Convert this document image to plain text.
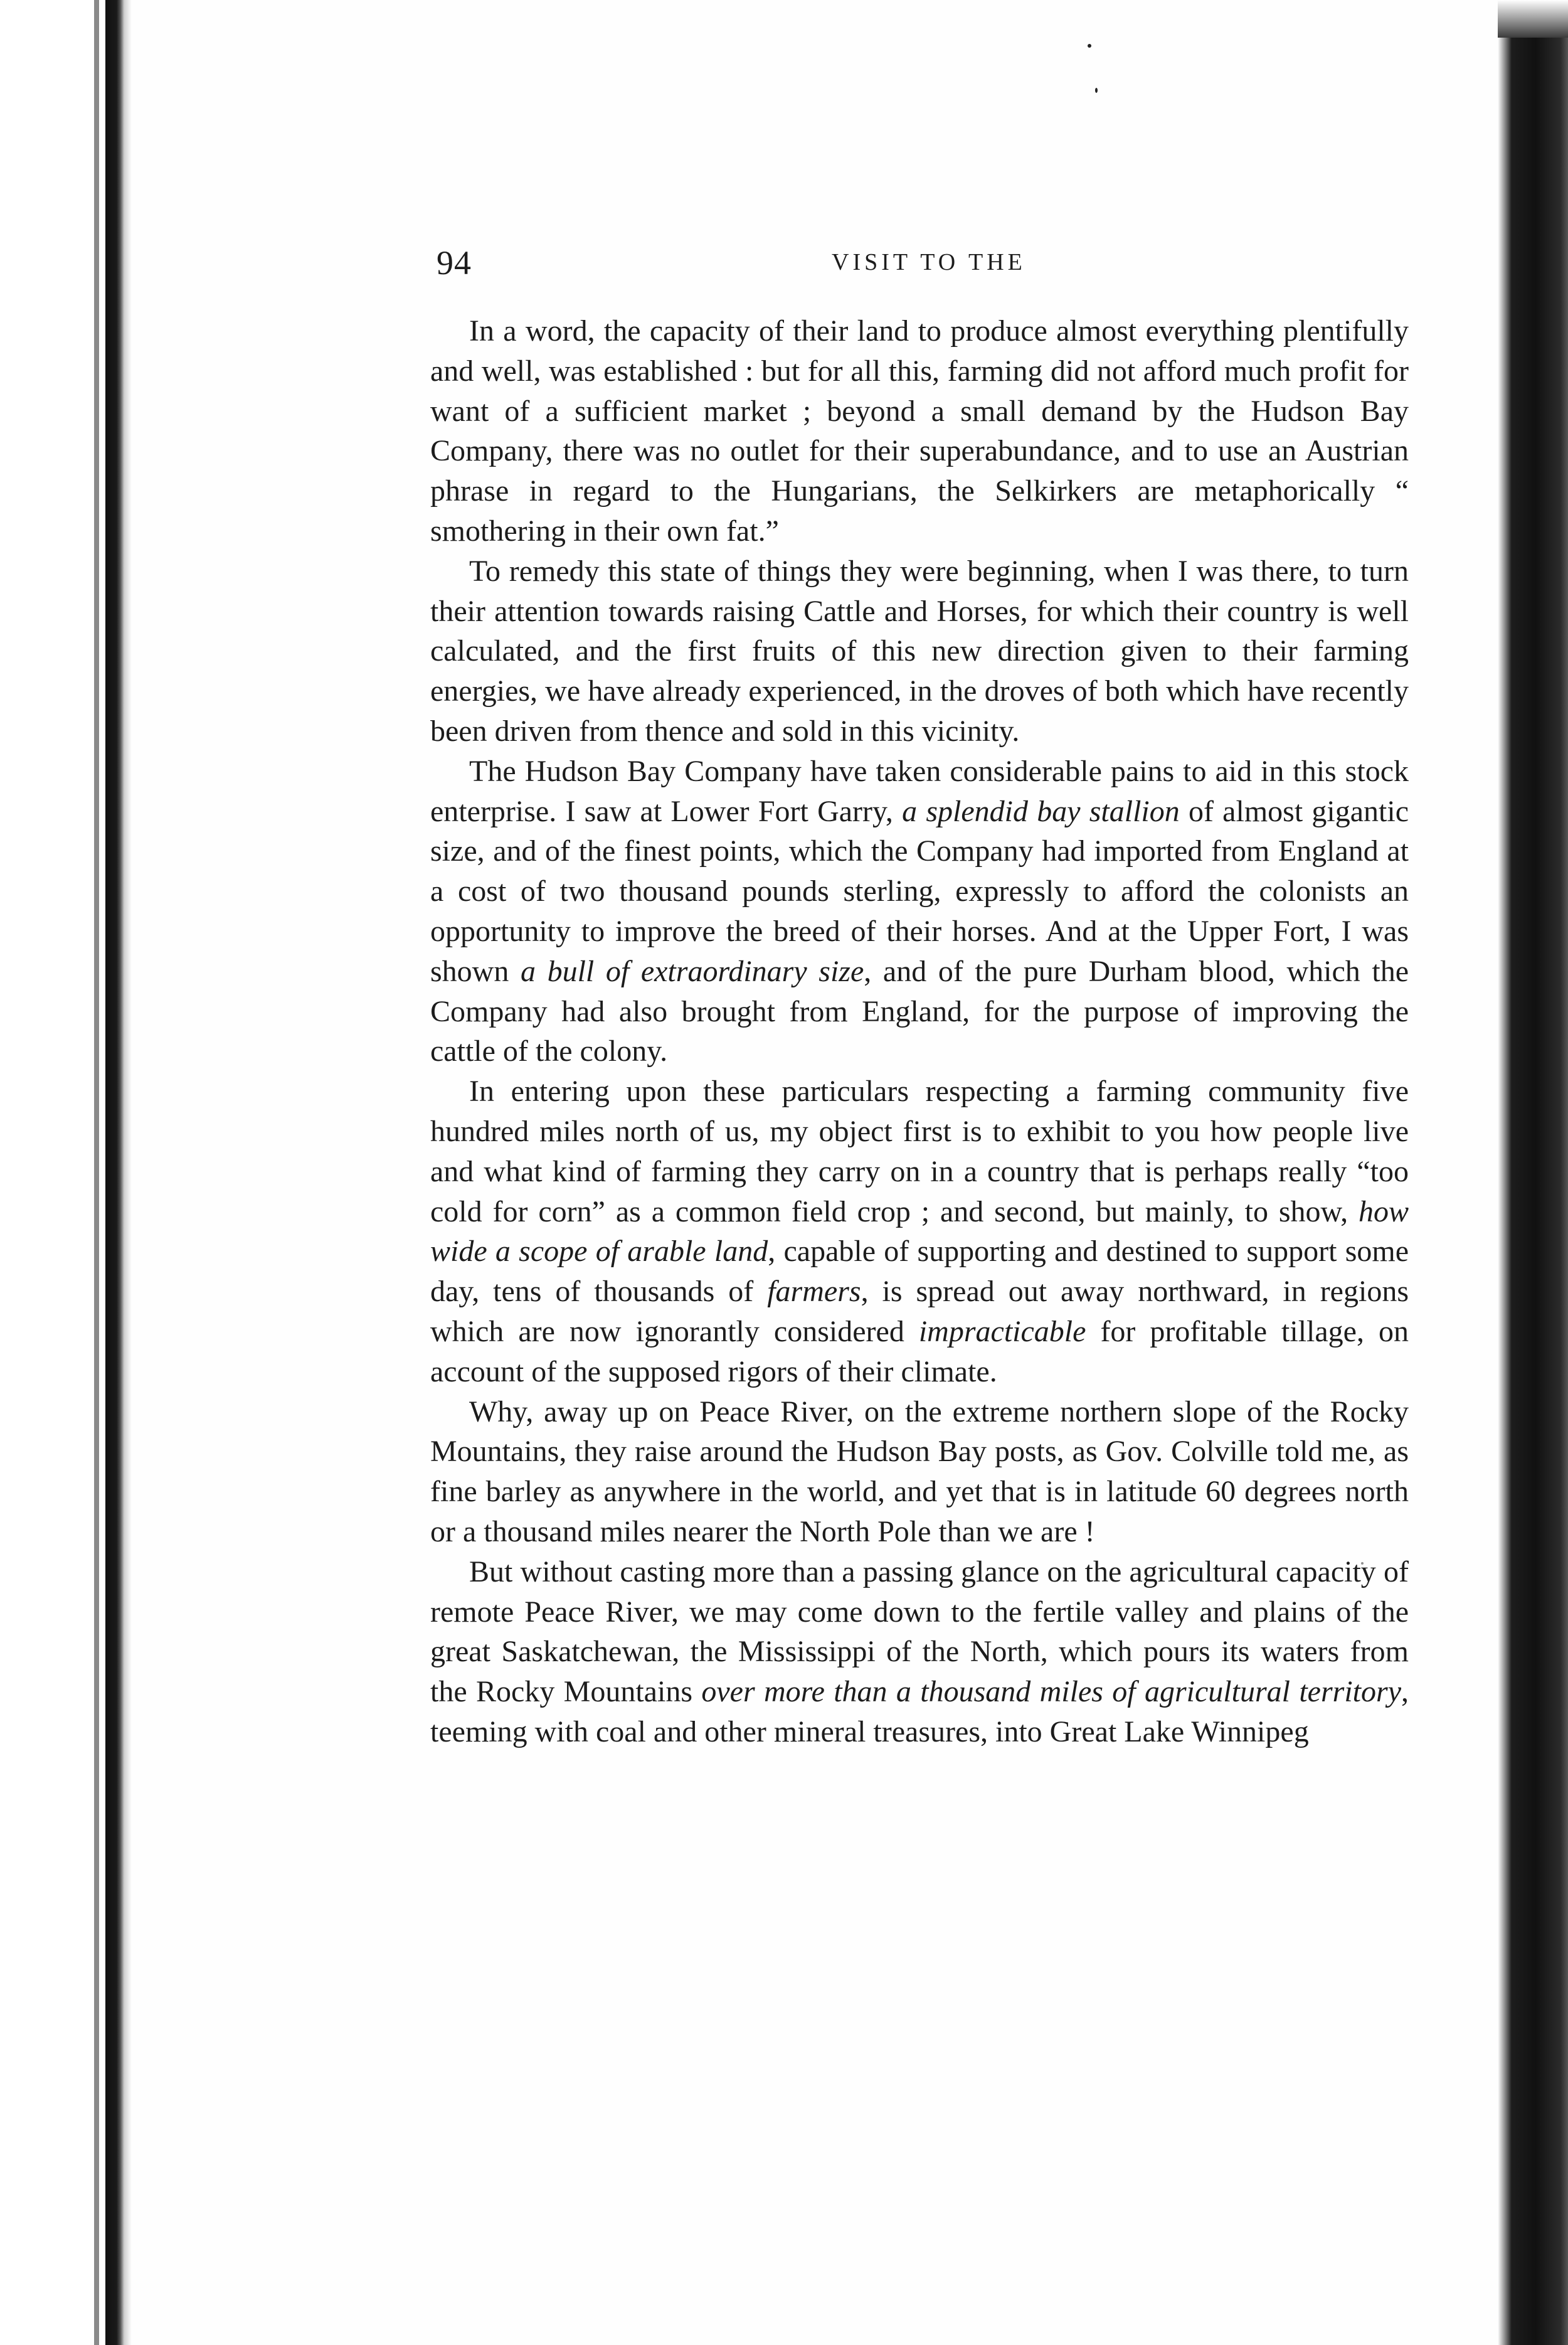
94	VISIT TO THE

In a word, the capacity of their land to produce almost everything plentifully and well, was established : but for all this, farming did not afford much profit for want of a sufficient market ; beyond a small demand by the Hudson Bay Company, there was no outlet for their superabundance, and to use an Austrian phrase in regard to the Hungarians, the Selkirkers are metaphorically “ smothering in their own fat.”

To remedy this state of things they were beginning, when I was there, to turn their attention towards raising Cattle and Horses, for which their country is well calculated, and the first fruits of this new direction given to their farming energies, we have already experienced, in the droves of both which have recently been driven from thence and sold in this vicinity.

The Hudson Bay Company have taken considerable pains to aid in this stock enterprise. I saw at Lower Fort Garry, a splendid bay stallion of almost gigantic size, and of the finest points, which the Company had imported from England at a cost of two thousand pounds sterling, expressly to afford the colonists an opportunity to improve the breed of their horses. And at the Upper Fort, I was shown a bull of extraordinary size, and of the pure Durham blood, which the Company had also brought from England, for the purpose of improving the cattle of the colony.

In entering upon these particulars respecting a farming community five hundred miles north of us, my object first is to exhibit to you how people live and what kind of farming they carry on in a country that is perhaps really “too cold for corn” as a common field crop ; and second, but mainly, to show, how wide a scope of arable land, capable of supporting and destined to support some day, tens of thousands of farmers, is spread out away northward, in regions which are now ignorantly considered impracticable for profitable tillage, on account of the supposed rigors of their climate.

Why, away up on Peace River, on the extreme northern slope of the Rocky Mountains, they raise around the Hudson Bay posts, as Gov. Colville told me, as fine barley as anywhere in the world, and yet that is in latitude 60 degrees north or a thousand miles nearer the North Pole than we are !

But without casting more than a passing glance on the agricultural capacity of remote Peace River, we may come down to the fertile valley and plains of the great Saskatchewan, the Mississippi of the North, which pours its waters from the Rocky Mountains over more than a thousand miles of agricultural territory, teeming with coal and other mineral treasures, into Great Lake Winnipeg
